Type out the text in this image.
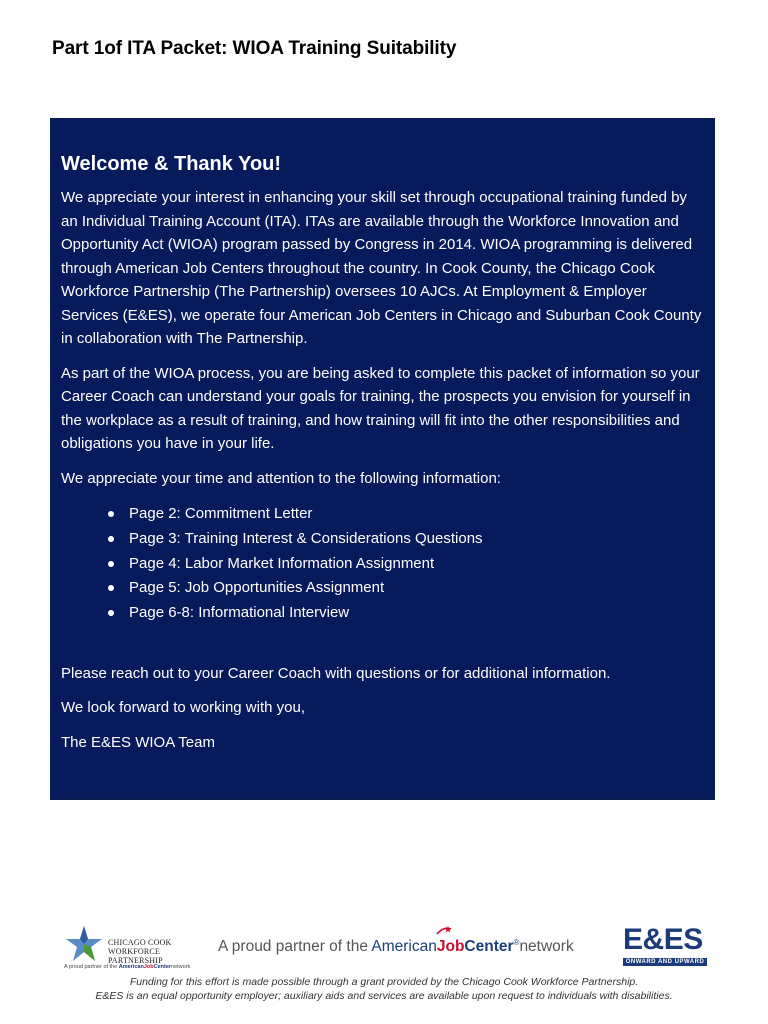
Part 1of ITA Packet: WIOA Training Suitability
Welcome & Thank You!

We appreciate your interest in enhancing your skill set through occupational training funded by an Individual Training Account (ITA). ITAs are available through the Workforce Innovation and Opportunity Act (WIOA) program passed by Congress in 2014. WIOA programming is delivered through American Job Centers throughout the country. In Cook County, the Chicago Cook Workforce Partnership (The Partnership) oversees 10 AJCs. At Employment & Employer Services (E&ES), we operate four American Job Centers in Chicago and Suburban Cook County in collaboration with The Partnership.

As part of the WIOA process, you are being asked to complete this packet of information so your Career Coach can understand your goals for training, the prospects you envision for yourself in the workplace as a result of training, and how training will fit into the other responsibilities and obligations you have in your life.

We appreciate your time and attention to the following information:

Page 2: Commitment Letter
Page 3: Training Interest & Considerations Questions
Page 4: Labor Market Information Assignment
Page 5: Job Opportunities Assignment
Page 6-8: Informational Interview

Please reach out to your Career Coach with questions or for additional information.

We look forward to working with you,

The E&ES WIOA Team

CHICAGO COOK
WORKFORCE PARTNERSHIP
A proud partner of the AmericanJobCenternetwork
A proud partner of the AmericanJobCenter®network E&ES
ONWARD AND UPWARD
Funding for this effort is made possible through a grant provided by the Chicago Cook Workforce Partnership.
E&ES is an equal opportunity employer; auxiliary aids and services are available upon request to individuals with disabilities.
